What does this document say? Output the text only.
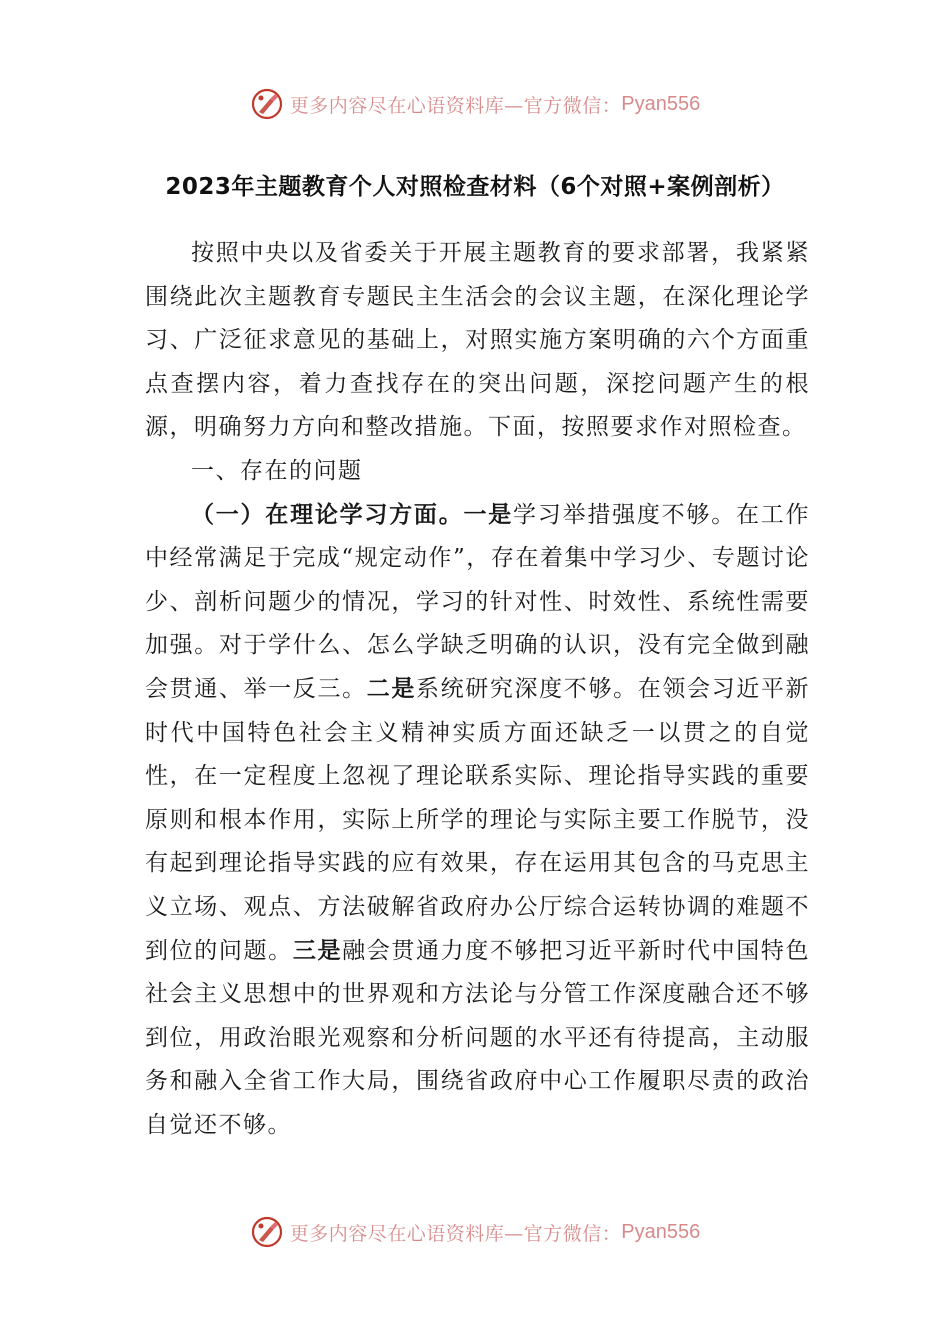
更多内容尽在心语资料库—官方微信： Pyan556
2023年主题教育个人对照检查材料（6个对照+案例剖析）

按照中央以及省委关于开展主题教育的要求部署，我紧紧围绕此次主题教育专题民主生活会的会议主题，在深化理论学习、广泛征求意见的基础上，对照实施方案明确的六个方面重点查摆内容，着力查找存在的突出问题，深挖问题产生的根源，明确努力方向和整改措施。下面，按照要求作对照检查。

一、存在的问题

（一）在理论学习方面。一是学习举措强度不够。在工作中经常满足于完成“规定动作”，存在着集中学习少、专题讨论少、剖析问题少的情况，学习的针对性、时效性、系统性需要加强。对于学什么、怎么学缺乏明确的认识，没有完全做到融会贯通、举一反三。二是系统研究深度不够。在领会习近平新时代中国特色社会主义精神实质方面还缺乏一以贯之的自觉性，在一定程度上忽视了理论联系实际、理论指导实践的重要原则和根本作用，实际上所学的理论与实际主要工作脱节，没有起到理论指导实践的应有效果，存在运用其包含的马克思主义立场、观点、方法破解省政府办公厅综合运转协调的难题不到位的问题。三是融会贯通力度不够把习近平新时代中国特色社会主义思想中的世界观和方法论与分管工作深度融合还不够到位，用政治眼光观察和分析问题的水平还有待提高，主动服务和融入全省工作大局，围绕省政府中心工作履职尽责的政治自觉还不够。

更多内容尽在心语资料库—官方微信： Pyan556
